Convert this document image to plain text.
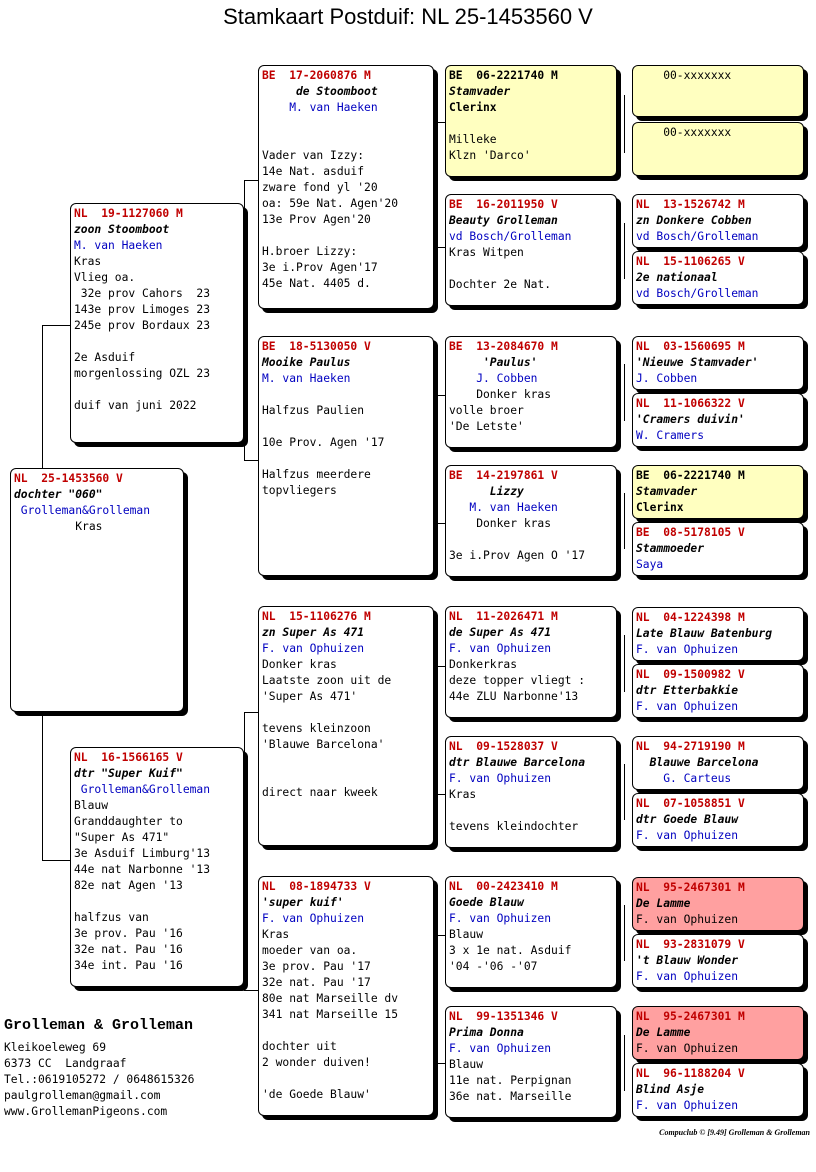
Stamkaart Postduif: NL 25-1453560 V
NL  25-1453560 V
dochter "060"
Grolleman&Grolleman
Kras
NL  19-1127060 M
zoon Stoomboot
M. van Haeken
Kras
Vlieg oa.
32e prov Cahors  23
143e prov Limoges 23
245e prov Bordaux 23
2e Asduif
morgenlossing OZL 23
duif van juni 2022
NL  16-1566165 V
dtr "Super Kuif"
Grolleman&Grolleman
Blauw
Granddaughter to
"Super As 471"
3e Asduif Limburg'13
44e nat Narbonne '13
82e nat Agen '13
halfzus van
3e prov. Pau '16
32e nat. Pau '16
34e int. Pau '16
BE  17-2060876 M
de Stoomboot
M. van Haeken
Vader van Izzy:
14e Nat. asduif
zware fond yl '20
oa: 59e Nat. Agen'20
13e Prov Agen'20
H.broer Lizzy:
3e i.Prov Agen'17
45e Nat. 4405 d.
BE  18-5130050 V
Mooike Paulus
M. van Haeken
Halfzus Paulien
10e Prov. Agen '17
Halfzus meerdere
topvliegers
NL  15-1106276 M
zn Super As 471
F. van Ophuizen
Donker kras
Laatste zoon uit de
'Super As 471'
tevens kleinzoon
'Blauwe Barcelona'
direct naar kweek
NL  08-1894733 V
'super kuif'
F. van Ophuizen
Kras
moeder van oa.
3e prov. Pau '17
32e nat. Pau '17
80e nat Marseille dv
341 nat Marseille 15
dochter uit
2 wonder duiven!
'de Goede Blauw'
BE  06-2221740 M
Stamvader
Clerinx
Milleke
Klzn 'Darco'
BE  16-2011950 V
Beauty Grolleman
vd Bosch/Grolleman
Kras Witpen
Dochter 2e Nat.
BE  13-2084670 M
'Paulus'
J. Cobben
Donker kras
volle broer
'De Letste'
BE  14-2197861 V
Lizzy
M. van Haeken
Donker kras
3e i.Prov Agen O '17
NL  11-2026471 M
de Super As 471
F. van Ophuizen
Donkerkras
deze topper vliegt :
44e ZLU Narbonne'13
NL  09-1528037 V
dtr Blauwe Barcelona
F. van Ophuizen
Kras
tevens kleindochter
NL  00-2423410 M
Goede Blauw
F. van Ophuizen
Blauw
3 x 1e nat. Asduif
'04 -'06 -'07
NL  99-1351346 V
Prima Donna
F. van Ophuizen
Blauw
11e nat. Perpignan
36e nat. Marseille
00-xxxxxxx
00-xxxxxxx
NL  13-1526742 M
zn Donkere Cobben
vd Bosch/Grolleman
NL  15-1106265 V
2e nationaal
vd Bosch/Grolleman
NL  03-1560695 M
'Nieuwe Stamvader'
J. Cobben
NL  11-1066322 V
'Cramers duivin'
W. Cramers
BE  06-2221740 M
Stamvader
Clerinx
BE  08-5178105 V
Stammoeder
Saya
NL  04-1224398 M
Late Blauw Batenburg
F. van Ophuizen
NL  09-1500982 V
dtr Etterbakkie
F. van Ophuizen
NL  94-2719190 M
Blauwe Barcelona
G. Carteus
NL  07-1058851 V
dtr Goede Blauw
F. van Ophuizen
NL  95-2467301 M
De Lamme
F. van Ophuizen
NL  93-2831079 V
't Blauw Wonder
F. van Ophuizen
NL  95-2467301 M
De Lamme
F. van Ophuizen
NL  96-1188204 V
Blind Asje
F. van Ophuizen
Grolleman & Grolleman
Kleikoeleweg 69
6373 CC  Landgraaf
Tel.:0619105272 / 0648615326
paulgrolleman@gmail.com
www.GrollemanPigeons.com
Compuclub © [9.49] Grolleman & Grolleman
